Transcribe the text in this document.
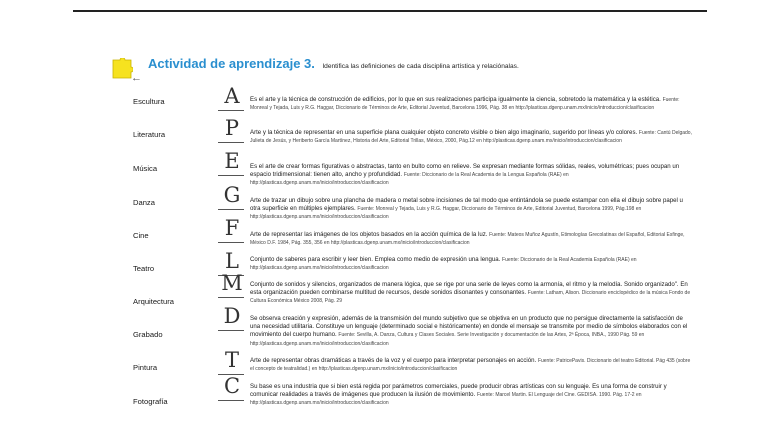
←
Actividad de aprendizaje 3. Identifica las definiciones de cada disciplina artística y relaciónalas.
Escultura
Literatura
Música
Danza
Cine
Teatro
Arquitectura
Grabado
Pintura
Fotografía
A
P
E
G
F
L
M
D
T
C
Es el arte y la técnica de construcción de edificios, por lo que en sus realizaciones participa igualmente la ciencia, sobretodo la matemática y la estética. Fuente: Monreal y Tejada, Luis y R.G. Haggar, Diccionario de Términos de Arte, Editorial Juventud, Barcelona 1996, Pág. 38 en http://plasticas.dgenp.unam.mx/inicio/introduccion/clasificacion
Arte y la técnica de representar en una superficie plana cualquier objeto concreto visible o bien algo imaginario, sugerido por líneas y/o colores. Fuente: Cantú Delgado, Julieta de Jesús, y Heriberto García Martínez, Historia del Arte, Editorial Trillas, México, 2000, Pág.12 en http://plasticas.dgenp.unam.mx/inicio/introduccion/clasificacion
Es el arte de crear formas figurativas o abstractas, tanto en bulto como en relieve. Se expresan mediante formas sólidas, reales, volumétricas; pues ocupan un espacio tridimensional: tienen alto, ancho y profundidad. Fuente: Diccionario de la Real Academia de la Lengua Española (RAE) en http://plasticas.dgenp.unam.mx/inicio/introduccion/clasificacion
Arte de trazar un dibujo sobre una plancha de madera o metal sobre incisiones de tal modo que entintándola se puede estampar con ella el dibujo sobre papel u otra superficie en múltiples ejemplares. Fuente: Monreal y Tejada, Luis y R.G. Haggar, Diccionario de Términos de Arte, Editorial Juventud, Barcelona 1999, Pág.198 en http://plasticas.dgenp.unam.mx/inicio/introduccion/clasificacion
Arte de representar las imágenes de los objetos basados en la acción química de la luz. Fuente: Mateos Muñoz Agustín, Etimologías Grecolatinas del Español, Editorial Esfinge, México D.F. 1984, Pág. 355, 356 en http://plasticas.dgenp.unam.mx/inicio/introduccion/clasificacion
Conjunto de saberes para escribir y leer bien. Emplea como medio de expresión una lengua. Fuente: Diccionario de la Real Academia Española (RAE) en http://plasticas.dgenp.unam.mx/inicio/introduccion/clasificacion
Conjunto de sonidos y silencios, organizados de manera lógica, que se rige por una serie de leyes como la armonía, el ritmo y la melodía. Sonido organizado". En esta organización pueden combinarse multitud de recursos, desde sonidos disonantes y consonantes. Fuente: Latham, Alison. Diccionario enciclopédico de la música Fondo de Cultura Económica México 2008, Pág. 29
Se observa creación y expresión, además de la transmisión del mundo subjetivo que se objetiva en un producto que no persigue directamente la satisfacción de una necesidad utilitaria. Constituye un lenguaje (determinado social e históricamente) en donde el mensaje se transmite por medio de símbolos elaborados con el movimiento del cuerpo humano. Fuente: Sevilla, A. Danza, Cultura y Clases Sociales. Serie Investigación y documentación de las Artes, 2ª Época, INBA., 1990 Pág. 59 en http://plasticas.dgenp.unam.mx/inicio/introduccion/clasificacion
Arte de representar obras dramáticas a través de la voz y el cuerpo para interpretar personajes en acción. Fuente: PatricePavis. Diccionario del teatro Editorial. Pág 435 (sobre el concepto de teatralidad.) en http://plasticas.dgenp.unam.mx/inicio/introduccion/clasificacion
Su base es una industria que si bien está regida por parámetros comerciales, puede producir obras artísticas con su lenguaje. Es una forma de construir y comunicar realidades a través de imágenes que producen la ilusión de movimiento. Fuente: Marcel Martin. El Lenguaje del Cine. GEDISA. 1990. Pág. 17-2 en http://plasticas.dgenp.unam.mx/inicio/introduccion/clasificacion
